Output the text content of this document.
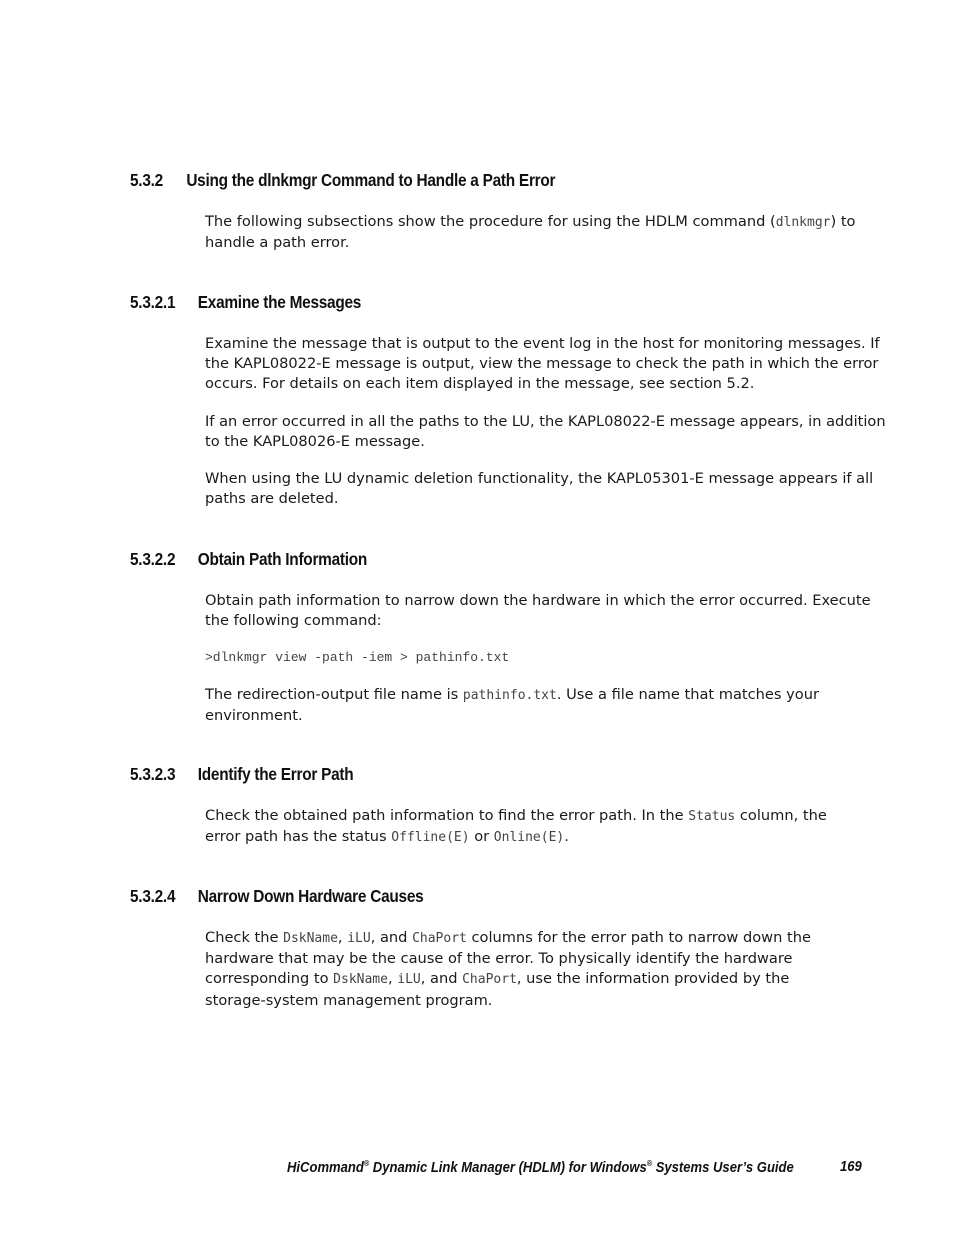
5.3.2 Using the dlnkmgr Command to Handle a Path Error
The following subsections show the procedure for using the HDLM command (dlnkmgr) to
handle a path error.
5.3.2.1 Examine the Messages
Examine the message that is output to the event log in the host for monitoring messages. If
the KAPL08022-E message is output, view the message to check the path in which the error
occurs. For details on each item displayed in the message, see section 5.2.
If an error occurred in all the paths to the LU, the KAPL08022-E message appears, in addition
to the KAPL08026-E message.
When using the LU dynamic deletion functionality, the KAPL05301-E message appears if all
paths are deleted.
5.3.2.2 Obtain Path Information
Obtain path information to narrow down the hardware in which the error occurred. Execute
the following command:
>dlnkmgr view -path -iem > pathinfo.txt
The redirection-output file name is pathinfo.txt. Use a file name that matches your
environment.
5.3.2.3 Identify the Error Path
Check the obtained path information to find the error path. In the Status column, the
error path has the status Offline(E) or Online(E).
5.3.2.4 Narrow Down Hardware Causes
Check the DskName, iLU, and ChaPort columns for the error path to narrow down the
hardware that may be the cause of the error. To physically identify the hardware
corresponding to DskName, iLU, and ChaPort, use the information provided by the
storage-system management program.
HiCommand® Dynamic Link Manager (HDLM) for Windows® Systems User’s Guide	169
